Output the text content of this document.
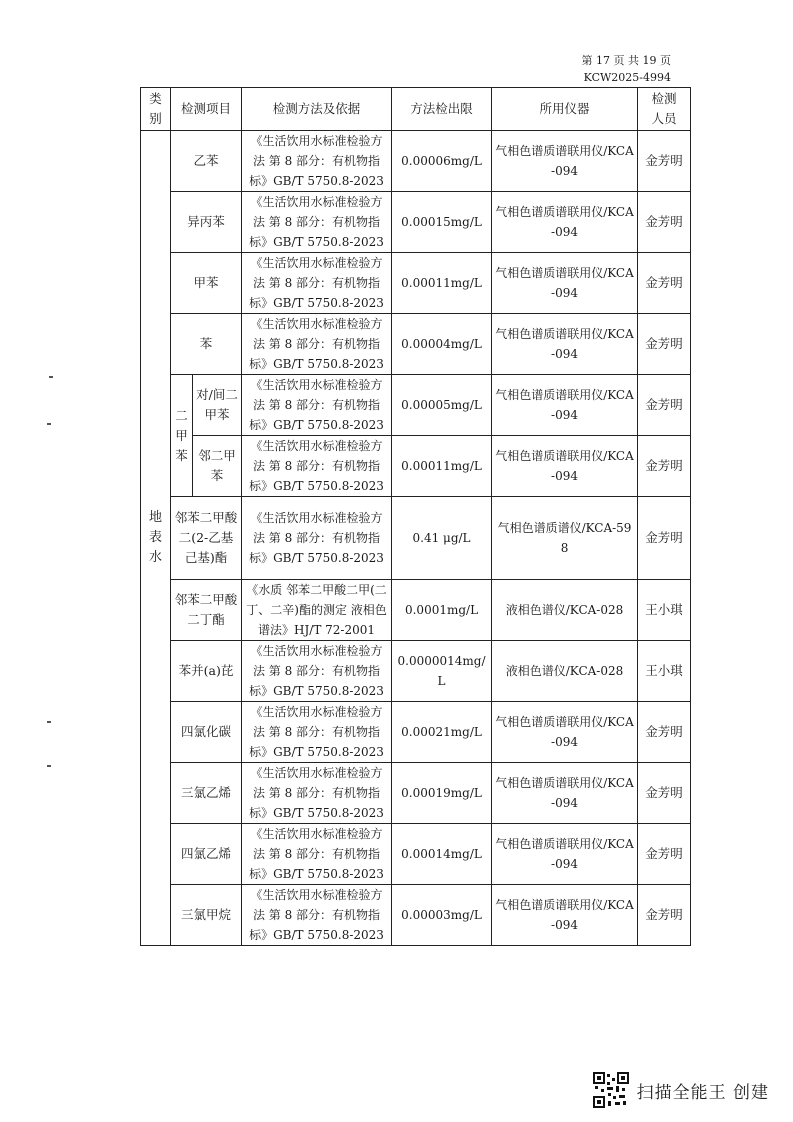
第 17 页 共 19 页
KCW2025-4994
类
别	检测项目		检测方法及依据	方法检出限	所用仪器	检测
人员
地
表
水	乙苯		《生活饮用水标准检验方法 第 8 部分：有机物指标》GB/T 5750.8-2023	0.00006mg/L	气相色谱质谱联用仪/KCA-094	金芳明
	异丙苯		《生活饮用水标准检验方法 第 8 部分：有机物指标》GB/T 5750.8-2023	0.00015mg/L	气相色谱质谱联用仪/KCA-094	金芳明
	甲苯		《生活饮用水标准检验方法 第 8 部分：有机物指标》GB/T 5750.8-2023	0.00011mg/L	气相色谱质谱联用仪/KCA-094	金芳明
	苯		《生活饮用水标准检验方法 第 8 部分：有机物指标》GB/T 5750.8-2023	0.00004mg/L	气相色谱质谱联用仪/KCA-094	金芳明
	二
甲
苯	对/间二甲苯	《生活饮用水标准检验方法 第 8 部分：有机物指标》GB/T 5750.8-2023	0.00005mg/L	气相色谱质谱联用仪/KCA-094	金芳明
		邻二甲苯	《生活饮用水标准检验方法 第 8 部分：有机物指标》GB/T 5750.8-2023	0.00011mg/L	气相色谱质谱联用仪/KCA-094	金芳明
	邻苯二甲酸二(2-乙基己基)酯		《生活饮用水标准检验方法 第 8 部分：有机物指标》GB/T 5750.8-2023	0.41 μg/L	气相色谱质谱仪/KCA-598	金芳明
	邻苯二甲酸二丁酯		《水质 邻苯二甲酸二甲(二丁、二辛)酯的测定 液相色谱法》HJ/T 72-2001	0.0001mg/L	液相色谱仪/KCA-028	王小琪
	苯并(a)芘		《生活饮用水标准检验方法 第 8 部分：有机物指标》GB/T 5750.8-2023	0.0000014mg/L	液相色谱仪/KCA-028	王小琪
	四氯化碳		《生活饮用水标准检验方法 第 8 部分：有机物指标》GB/T 5750.8-2023	0.00021mg/L	气相色谱质谱联用仪/KCA-094	金芳明
	三氯乙烯		《生活饮用水标准检验方法 第 8 部分：有机物指标》GB/T 5750.8-2023	0.00019mg/L	气相色谱质谱联用仪/KCA-094	金芳明
	四氯乙烯		《生活饮用水标准检验方法 第 8 部分：有机物指标》GB/T 5750.8-2023	0.00014mg/L	气相色谱质谱联用仪/KCA-094	金芳明
	三氯甲烷		《生活饮用水标准检验方法 第 8 部分：有机物指标》GB/T 5750.8-2023	0.00003mg/L	气相色谱质谱联用仪/KCA-094	金芳明
扫描全能王 创建
